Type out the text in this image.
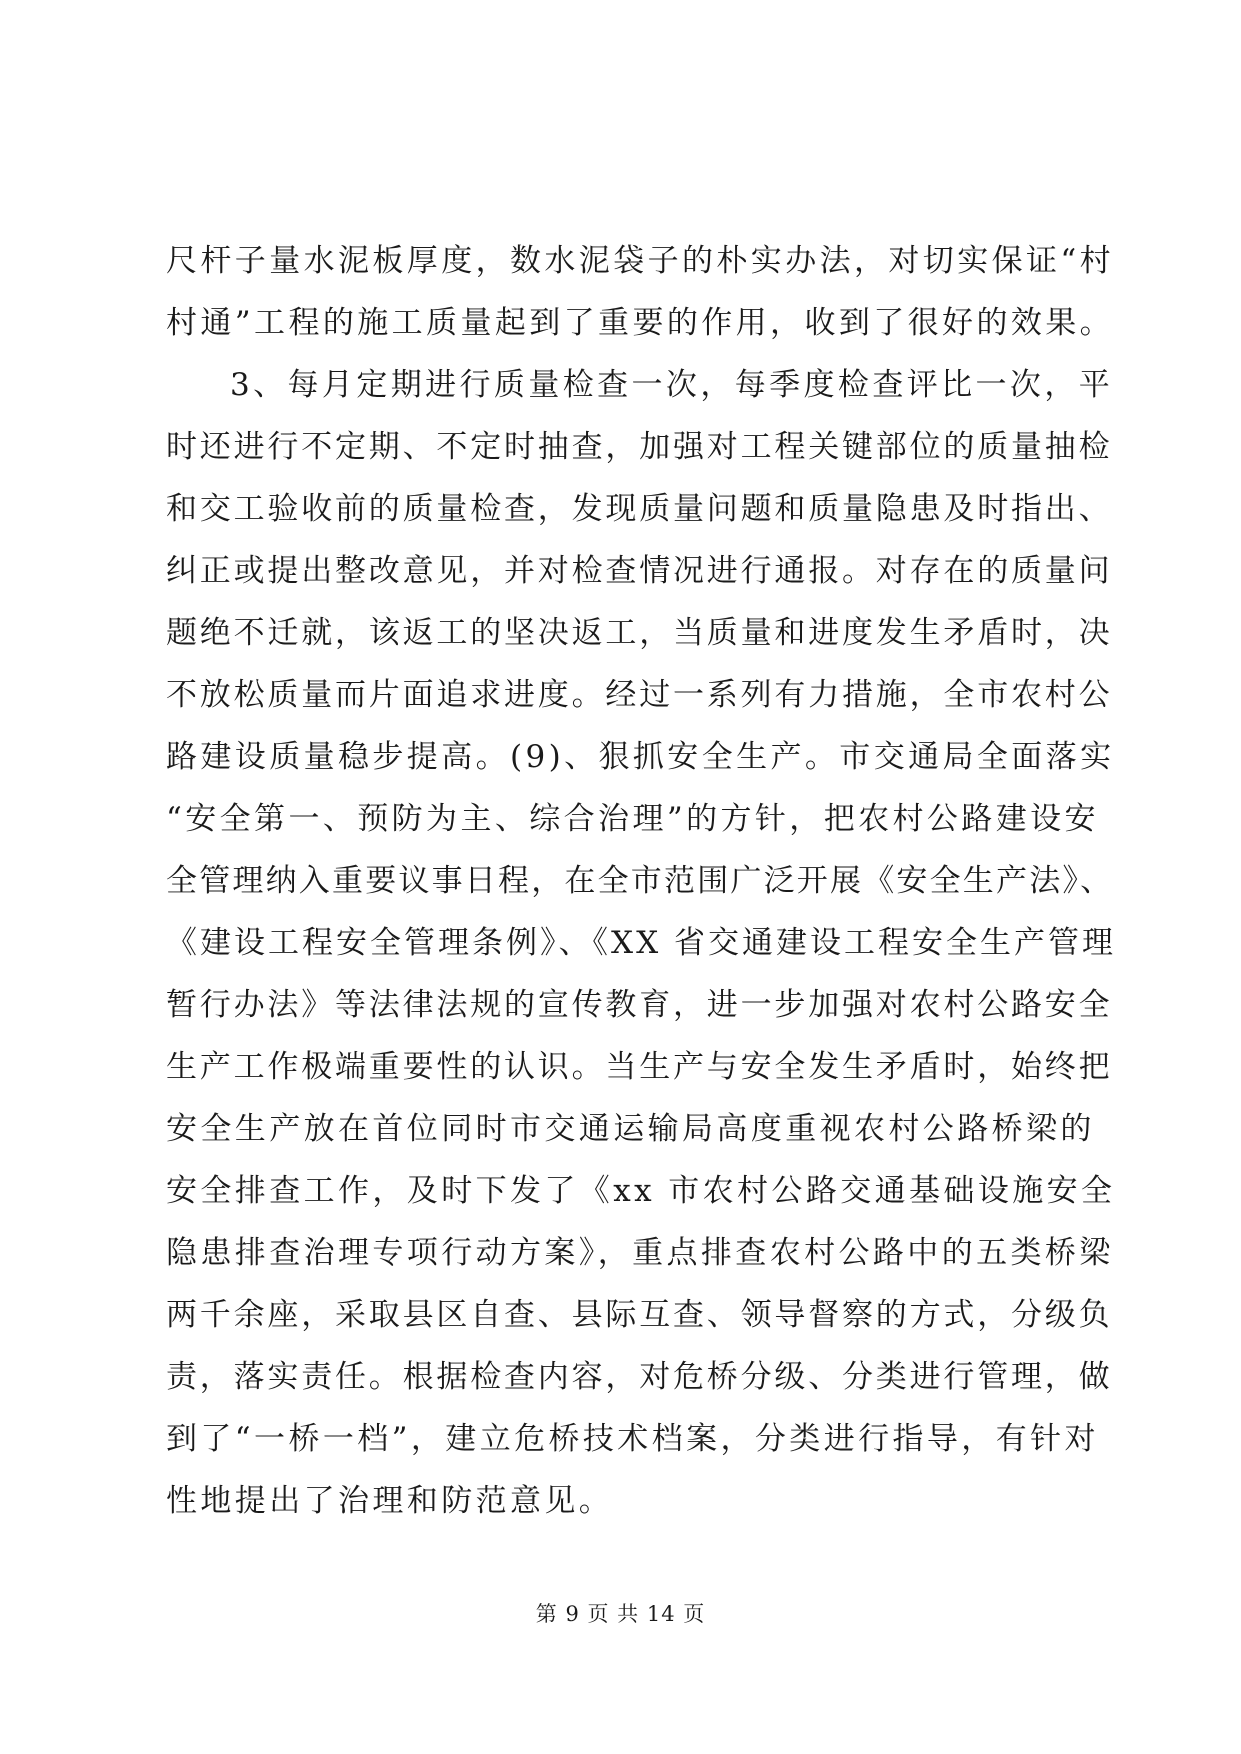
尺杆子量水泥板厚度，数水泥袋子的朴实办法，对切实保证“村
村通”工程的施工质量起到了重要的作用，收到了很好的效果。
3、每月定期进行质量检查一次，每季度检查评比一次，平
时还进行不定期、不定时抽查，加强对工程关键部位的质量抽检
和交工验收前的质量检查，发现质量问题和质量隐患及时指出、
纠正或提出整改意见，并对检查情况进行通报。对存在的质量问
题绝不迁就，该返工的坚决返工，当质量和进度发生矛盾时，决
不放松质量而片面追求进度。经过一系列有力措施，全市农村公
路建设质量稳步提高。(9)、狠抓安全生产。市交通局全面落实
“安全第一、预防为主、综合治理”的方针，把农村公路建设安
全管理纳入重要议事日程，在全市范围广泛开展《安全生产法》、
《建设工程安全管理条例》、《XX 省交通建设工程安全生产管理
暂行办法》等法律法规的宣传教育，进一步加强对农村公路安全
生产工作极端重要性的认识。当生产与安全发生矛盾时，始终把
安全生产放在首位同时市交通运输局高度重视农村公路桥梁的
安全排查工作，及时下发了《xx 市农村公路交通基础设施安全
隐患排查治理专项行动方案》，重点排查农村公路中的五类桥梁
两千余座，采取县区自查、县际互查、领导督察的方式，分级负
责，落实责任。根据检查内容，对危桥分级、分类进行管理，做
到了“一桥一档”，建立危桥技术档案，分类进行指导，有针对
性地提出了治理和防范意见。
第 9 页 共 14 页
